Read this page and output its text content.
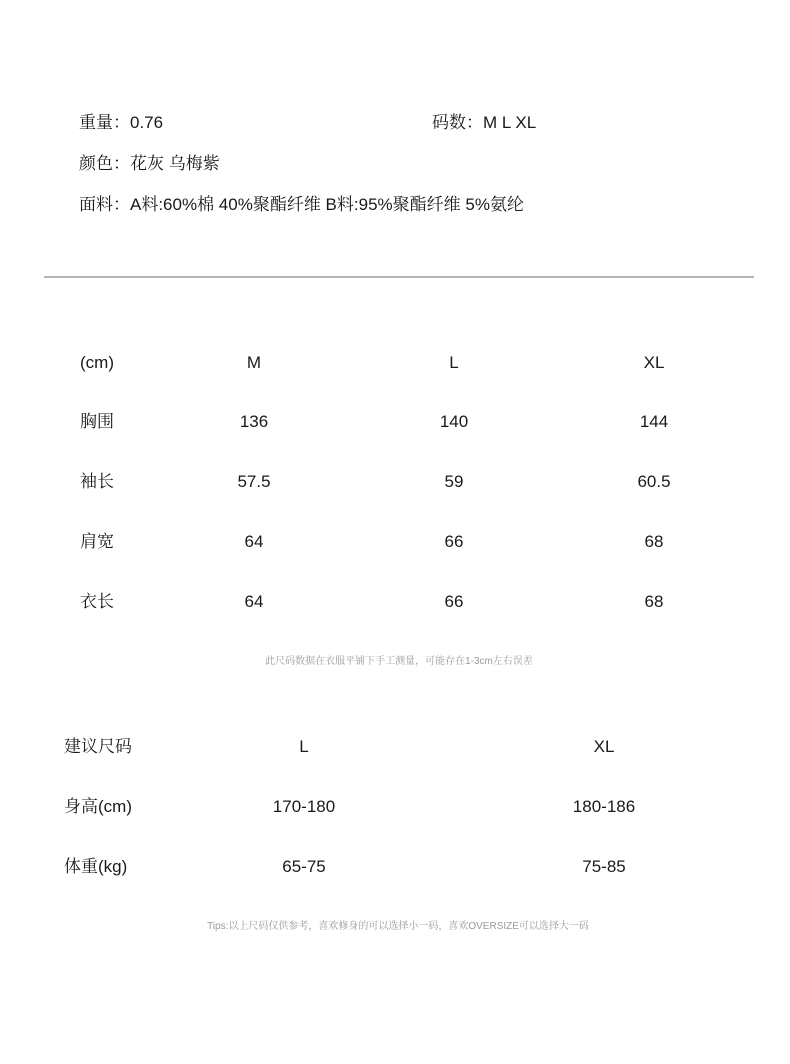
重量：0.76	码数：M L XL
颜色：花灰 乌梅紫
面料：A料:60%棉 40%聚酯纤维 B料:95%聚酯纤维 5%氨纶
(cm)	M	L	XL
胸围	136	140	144
袖长	57.5	59	60.5
肩宽	64	66	68
衣长	64	66	68
此尺码数据在衣服平铺下手工测量，可能存在1-3cm左右误差
建议尺码	L	XL
身高(cm)	170-180	180-186
体重(kg)	65-75	75-85
Tips:以上尺码仅供参考，喜欢修身的可以选择小一码，喜欢OVERSIZE可以选择大一码
